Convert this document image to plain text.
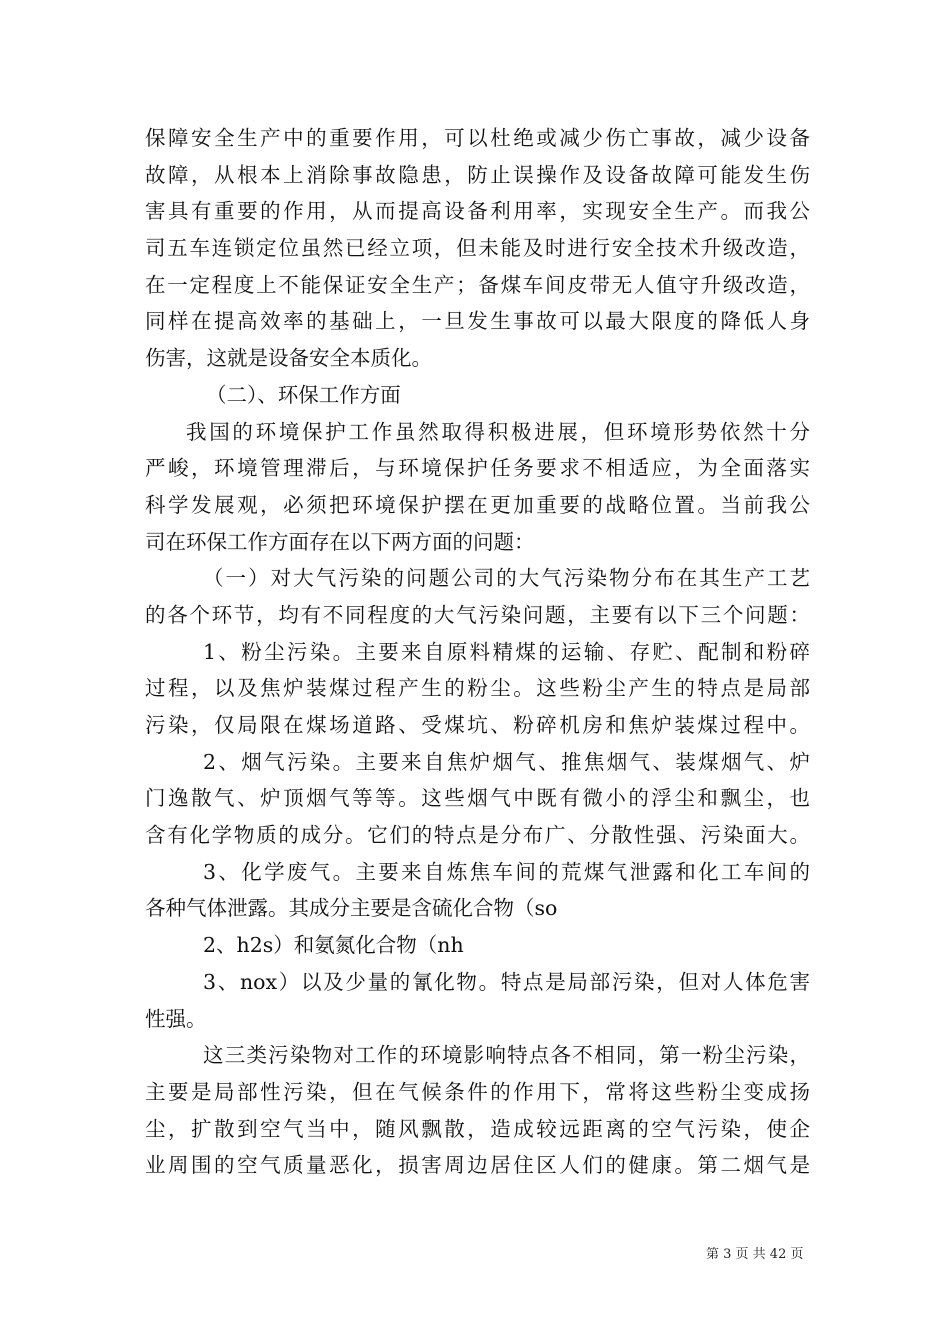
保障安全生产中的重要作用，可以杜绝或减少伤亡事故，减少设备
故障，从根本上消除事故隐患，防止误操作及设备故障可能发生伤
害具有重要的作用，从而提高设备利用率，实现安全生产。而我公
司五车连锁定位虽然已经立项，但未能及时进行安全技术升级改造，
在一定程度上不能保证安全生产；备煤车间皮带无人值守升级改造，
同样在提高效率的基础上，一旦发生事故可以最大限度的降低人身
伤害，这就是设备安全本质化。
（二）、环保工作方面
我国的环境保护工作虽然取得积极进展，但环境形势依然十分
严峻，环境管理滞后，与环境保护任务要求不相适应，为全面落实
科学发展观，必须把环境保护摆在更加重要的战略位置。当前我公
司在环保工作方面存在以下两方面的问题：
（一）对大气污染的问题公司的大气污染物分布在其生产工艺
的各个环节，均有不同程度的大气污染问题，主要有以下三个问题：
1、粉尘污染。主要来自原料精煤的运输、存贮、配制和粉碎
过程，以及焦炉装煤过程产生的粉尘。这些粉尘产生的特点是局部
污染，仅局限在煤场道路、受煤坑、粉碎机房和焦炉装煤过程中。
2、烟气污染。主要来自焦炉烟气、推焦烟气、装煤烟气、炉
门逸散气、炉顶烟气等等。这些烟气中既有微小的浮尘和飘尘，也
含有化学物质的成分。它们的特点是分布广、分散性强、污染面大。
3、化学废气。主要来自炼焦车间的荒煤气泄露和化工车间的
各种气体泄露。其成分主要是含硫化合物（so
2、h2s）和氨氮化合物（nh
3、nox）以及少量的氰化物。特点是局部污染，但对人体危害
性强。
这三类污染物对工作的环境影响特点各不相同，第一粉尘污染，
主要是局部性污染，但在气候条件的作用下，常将这些粉尘变成扬
尘，扩散到空气当中，随风飘散，造成较远距离的空气污染，使企
业周围的空气质量恶化，损害周边居住区人们的健康。第二烟气是
第 3 页 共 42 页
